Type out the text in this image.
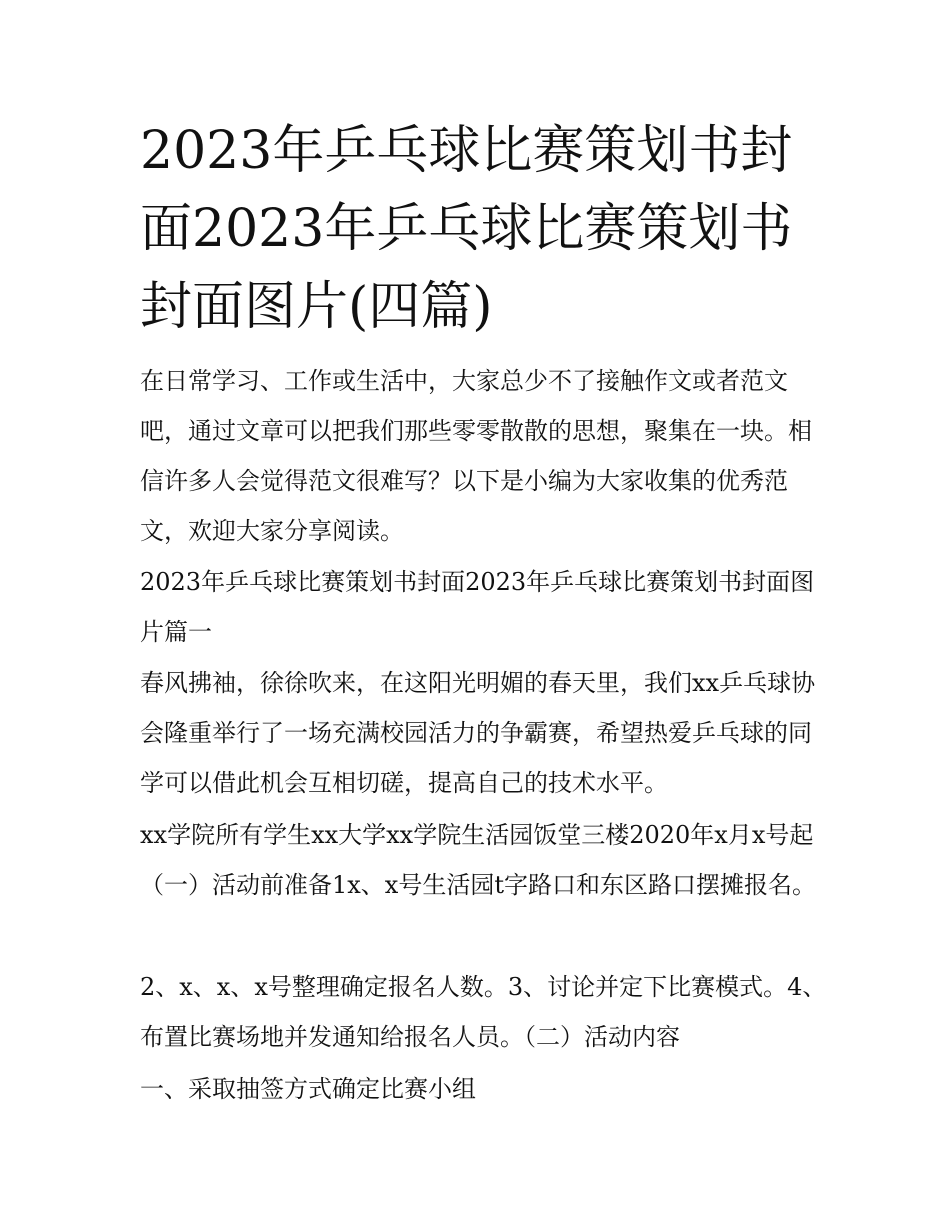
2023年乒乓球比赛策划书封面2023年乒乓球比赛策划书封面图片(四篇)

在日常学习、工作或生活中，大家总少不了接触作文或者范文吧，通过文章可以把我们那些零零散散的思想，聚集在一块。相信许多人会觉得范文很难写？以下是小编为大家收集的优秀范文，欢迎大家分享阅读。

2023年乒乓球比赛策划书封面2023年乒乓球比赛策划书封面图片篇一

春风拂袖，徐徐吹来，在这阳光明媚的春天里，我们xx乒乓球协会隆重举行了一场充满校园活力的争霸赛，希望热爱乒乓球的同学可以借此机会互相切磋，提高自己的技术水平。

xx学院所有学生xx大学xx学院生活园饭堂三楼2020年x月x号起（一）活动前准备1x、x号生活园t字路口和东区路口摆摊报名。

2、x、x、x号整理确定报名人数。3、讨论并定下比赛模式。4、布置比赛场地并发通知给报名人员。（二）活动内容

一、采取抽签方式确定比赛小组
